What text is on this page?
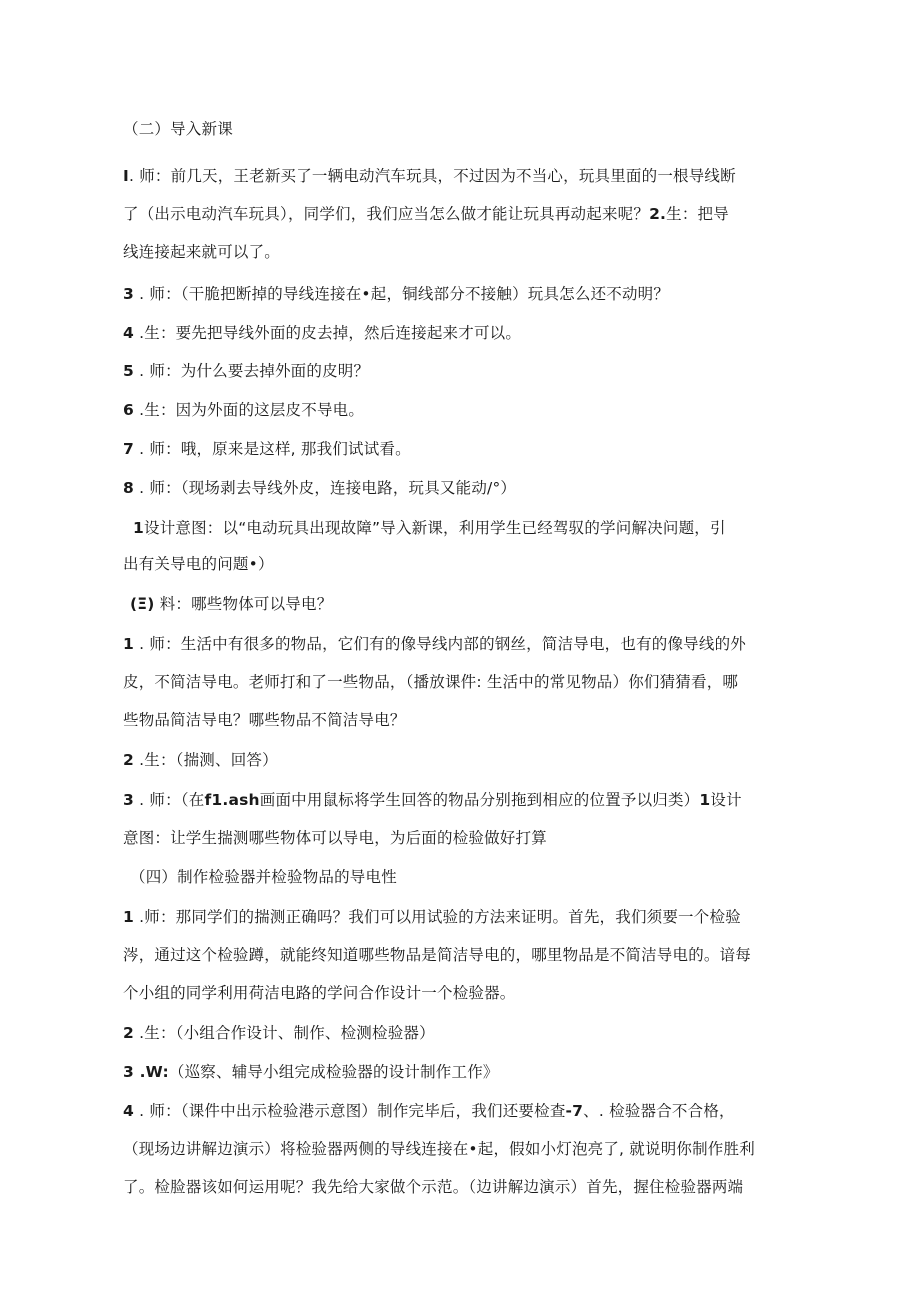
（二）导入新课
I. 师：前几天，王老新买了一辆电动汽车玩具，不过因为不当心，玩具里面的一根导线断
了（出示电动汽车玩具），同学们，我们应当怎么做才能让玩具再动起来呢？2.生：把导
线连接起来就可以了。
3 . 师：（干脆把断掉的导线连接在•起，铜线部分不接触）玩具怎么还不动明？
4 .生：要先把导线外面的皮去掉，然后连接起来才可以。
5 . 师：为什么要去掉外面的皮明？
6 .生：因为外面的这层皮不导电。
7 . 师：哦，原来是这样, 那我们试试看。
8 . 师：（现场剥去导线外皮，连接电路，玩具又能动/°）
1设计意图：以“电动玩具出现故障”导入新课，利用学生已经驾驭的学问解决问题，引
出有关导电的问题•）
(Ξ) 料：哪些物体可以导电？
1 . 师：生活中有很多的物品，它们有的像导线内部的钢丝，简洁导电，也有的像导线的外
皮，不简洁导电。老师打和了一些物品，（播放课件: 生活中的常见物品）你们猜猜看，哪
些物品简洁导电？哪些物品不简洁导电？
2 .生：（揣测、回答）
3 . 师：（在f1.ash画面中用鼠标将学生回答的物品分别拖到相应的位置予以归类）1设计
意图：让学生揣测哪些物体可以导电，为后面的检验做好打算
（四）制作检验器并检验物品的导电性
1 .师：那同学们的揣测正确吗？我们可以用试验的方法来证明。首先，我们须要一个检验
涔，通过这个检验蹲，就能终知道哪些物品是简洁导电的，哪里物品是不简洁导电的。谙每
个小组的同学利用荷洁电路的学问合作设计一个检验器。
2 .生：（小组合作设计、制作、检测检验器）
3 .W:（巡察、辅导小组完成检验器的设计制作工作》
4 . 师：（课件中出示检验港示意图）制作完毕后，我们还要检查-7、. 检验器合不合格，
（现场边讲解边演示）将检验器两侧的导线连接在•起，假如小灯泡亮了, 就说明你制作胜利
了。检脸器该如何运用呢？我先给大家做个示范。（边讲解边演示）首先，握住检验器两端
